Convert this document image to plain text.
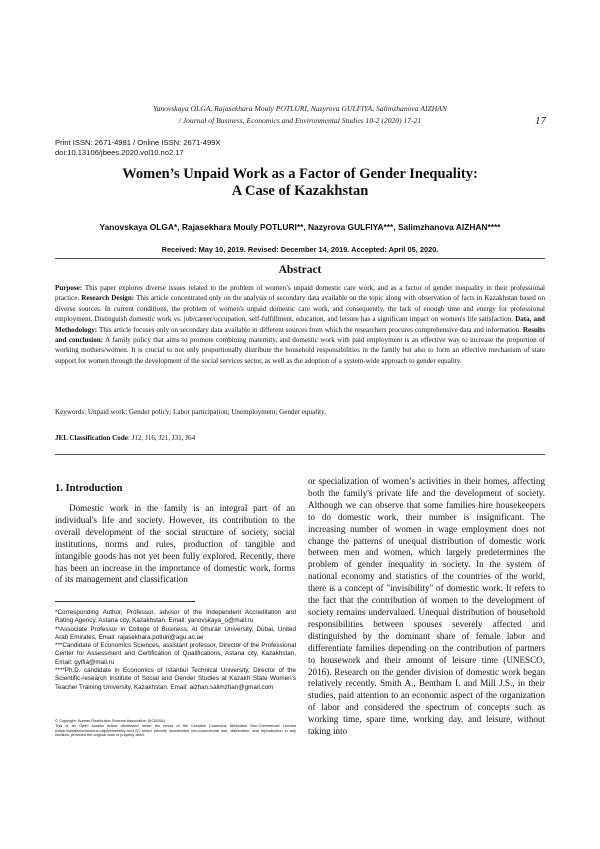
Yanovskaya OLGA, Rajasekhara Mouly POTLURI, Nazyrova GULFIYA, Salimzhanova AIZHAN
/ Journal of Business, Economics and Environmental Studies 10-2 (2020) 17-21	17
Print ISSN: 2671-4981 / Online ISSN: 2671-499X
doi:10.13106/jbees.2020.vol10.no2.17
Women’s Unpaid Work as a Factor of Gender Inequality:
A Case of Kazakhstan
Yanovskaya OLGA*, Rajasekhara Mouly POTLURI**, Nazyrova GULFIYA***, Salimzhanova AIZHAN****
Received: May 10, 2019. Revised: December 14, 2019. Accepted: April 05, 2020.
Abstract
Purpose: This paper explores diverse issues related to the problem of women’s unpaid domestic care work, and as a factor of gender inequality in their professional practice. Research Design: This article concentrated only on the analysis of secondary data available on the topic along with observation of facts in Kazakhstan based on diverse sources. In current conditions, the problem of women's unpaid domestic care work, and consequently, the lack of enough time and energy for professional employment. Distinguish domestic work vs. job/career/occupation, self-fulfillment, education, and leisure has a significant impact on women's life satisfaction. Data, and Methodology: This article focuses only on secondary data available in different sources from which the researchers procures comprehensive data and information. Results and conclusion: A family policy that aims to promote combining maternity, and domestic work with paid employment is an effective way to increase the proportion of working mothers/women. It is crucial to not only proportionally distribute the household responsibilities in the family but also to form an effective mechanism of state support for women through the development of the social services sector, as well as the adoption of a system-wide approach to gender equality.
Keywords: Unpaid work; Gender policy; Labor participation; Unemployment; Gender equality.
JEL Classification Code: J12, J16, J21, J31, J64
1. Introduction

Domestic work in the family is an integral part of an individual's life and society. However, its contribution to the overall development of the social structure of society, social institutions, norms and rules, production of tangible and intangible goods has not yet been fully explored. Recently, there has been an increase in the importance of domestic work, forms of its management and classification

or specialization of women’s activities in their homes, affecting both the family's private life and the development of society. Although we can observe that some families hire housekeepers to do domestic work, their number is insignificant. The increasing number of women in wage employment does not change the patterns of unequal distribution of domestic work between men and women, which largely predetermines the problem of gender inequality in society. In the system of national economy and statistics of the countries of the world, there is a concept of "invisibility" of domestic work. It refers to the fact that the contribution of women to the development of society remains undervalued. Unequal distribution of household responsibilities between spouses severely affected and distinguished by the dominant share of female labor and differentiate families depending on the contribution of partners to housework and their amount of leisure time (UNESCO, 2016). Research on the gender division of domestic work began relatively recently. Smith A., Bentham I. and Mill J.S., in their studies, paid attention to an economic aspect of the organization of labor and considered the spectrum of concepts such as working time, spare time, working day, and leisure, without taking into

*Corresponding Author, Professor, advisor of the Independent Accreditation and Rating Agency, Astana city, Kazakhstan, Email: yanovskaya_o@mail.ru

**Associate Professor in College of Business, Al Ghurair University, Dubai, United Arab Emirates, Email: rajasekhara.potluri@agu.ac.ae

***Candidate of Economics Sciences, assistant professor, Director of the Professional Center for Assessment and Certification of Qualifications, Astana city, Kazakhstan, Email: gylfia@mail.ru

****Ph.D. candidate in Economics of Istanbul Technical University, Director of the Scientific-research Institute of Social and Gender Studies at Kazakh State Women's Teacher Training University, Kazakhstan. Email: aizhan.salimzhan@gmail.com

© Copyright: Korean Distribution Science Association (KODISA)
This is an Open Access article distributed under the terms of the Creative Commons Attribution Non-Commercial License (https://creativecommons.org/licenses/by-nc/4.0/) which permits unrestricted non-commercial use, distribution, and reproduction in any medium, provided the original work is properly cited.
